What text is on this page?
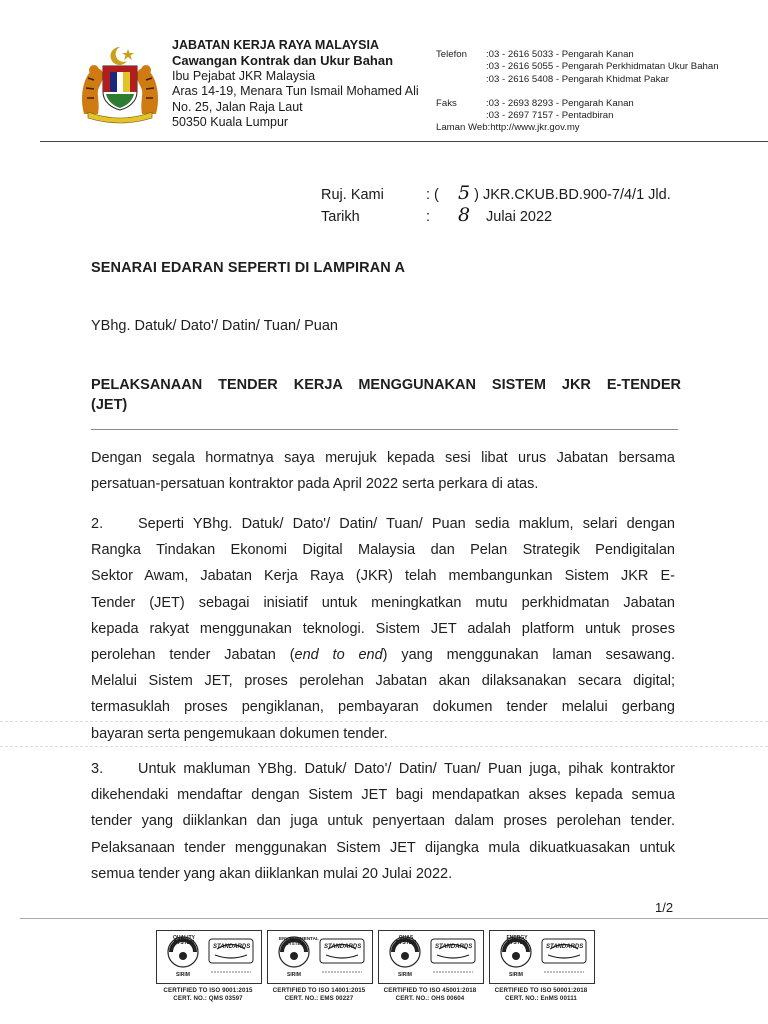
JABATAN KERJA RAYA MALAYSIA
Cawangan Kontrak dan Ukur Bahan
Ibu Pejabat JKR Malaysia
Aras 14-19, Menara Tun Ismail Mohamed Ali
No. 25, Jalan Raja Laut
50350 Kuala Lumpur
Telefon	:03 - 2616 5033 - Pengarah Kanan
:03 - 2616 5055 - Pengarah Perkhidmatan Ukur Bahan
:03 - 2616 5408 - Pengarah Khidmat Pakar
Faks	:03 - 2693 8293 - Pengarah Kanan
:03 - 2697 7157 - Pentadbiran
Laman Web:http://www.jkr.gov.my
Ruj. Kami	: (	5 ) JKR.CKUB.BD.900-7/4/1 Jld.
Tarikh	:	8	Julai 2022
SENARAI EDARAN SEPERTI DI LAMPIRAN A
YBhg. Datuk/ Dato'/ Datin/ Tuan/ Puan
PELAKSANAAN TENDER KERJA MENGGUNAKAN SISTEM JKR E-TENDER
(JET)
Dengan segala hormatnya saya merujuk kepada sesi libat urus Jabatan bersama
persatuan-persatuan kontraktor pada April 2022 serta perkara di atas.
2. Seperti YBhg. Datuk/ Dato'/ Datin/ Tuan/ Puan sedia maklum, selari dengan
Rangka Tindakan Ekonomi Digital Malaysia dan Pelan Strategik Pendigitalan
Sektor Awam, Jabatan Kerja Raya (JKR) telah membangunkan Sistem JKR E-
Tender (JET) sebagai inisiatif untuk meningkatkan mutu perkhidmatan Jabatan
kepada rakyat menggunakan teknologi. Sistem JET adalah platform untuk proses
perolehan tender Jabatan (end to end) yang menggunakan laman sesawang.
Melalui Sistem JET, proses perolehan Jabatan akan dilaksanakan secara digital;
termasuklah proses pengiklanan, pembayaran dokumen tender melalui gerbang
bayaran serta pengemukaan dokumen tender.
3. Untuk makluman YBhg. Datuk/ Dato'/ Datin/ Tuan/ Puan juga, pihak kontraktor
dikehendaki mendaftar dengan Sistem JET bagi mendapatkan akses kepada semua
tender yang diiklankan dan juga untuk penyertaan dalam proses perolehan tender.
Pelaksanaan tender menggunakan Sistem JET dijangka mula dikuatkuasakan untuk
semua tender yang akan diiklankan mulai 20 Julai 2022.
1/2
QUALITY SYSTEM
STANDARDS
SIRIM
CERTIFIED TO ISO 9001:2015
CERT. NO.: QMS 03597
ENVIRONMENTAL SYSTEM
STANDARDS
SIRIM
CERTIFIED TO ISO 14001:2015
CERT. NO.: EMS 00227
OHAS SYSTEM
STANDARDS
SIRIM
CERTIFIED TO ISO 45001:2018
CERT. NO.: OHS 00604
ENERGY SYSTEM
STANDARDS
SIRIM
CERTIFIED TO ISO 50001:2018
CERT. NO.: EnMS 00111
